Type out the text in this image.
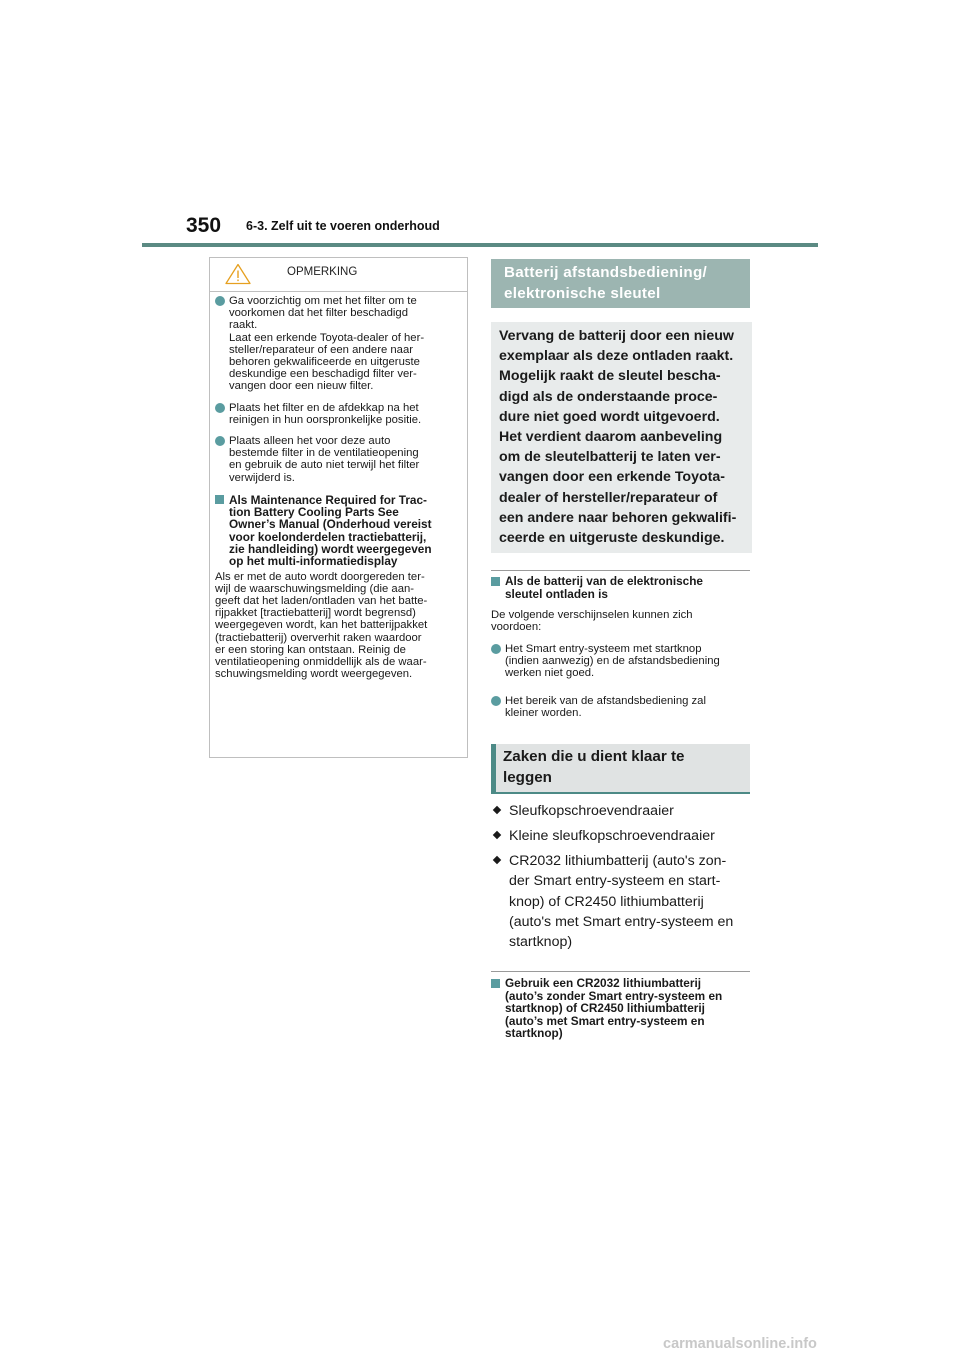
350 6-3. Zelf uit te voeren onderhoud
OPMERKING
Ga voorzichtig om met het filter om te
voorkomen dat het filter beschadigd
raakt.
Laat een erkende Toyota-dealer of her-
steller/reparateur of een andere naar
behoren gekwalificeerde en uitgeruste
deskundige een beschadigd filter ver-
vangen door een nieuw filter.
Plaats het filter en de afdekkap na het
reinigen in hun oorspronkelijke positie.
Plaats alleen het voor deze auto
bestemde filter in de ventilatieopening
en gebruik de auto niet terwijl het filter
verwijderd is.
Als Maintenance Required for Trac-
tion Battery Cooling Parts See
Owner’s Manual (Onderhoud vereist
voor koelonderdelen tractiebatterij,
zie handleiding) wordt weergegeven
op het multi-informatiedisplay
Als er met de auto wordt doorgereden ter-
wijl de waarschuwingsmelding (die aan-
geeft dat het laden/ontladen van het batte-
rijpakket [tractiebatterij] wordt begrensd)
weergegeven wordt, kan het batterijpakket
(tractiebatterij) oververhit raken waardoor
er een storing kan ontstaan. Reinig de
ventilatieopening onmiddellijk als de waar-
schuwingsmelding wordt weergegeven.
Batterij afstandsbediening/
elektronische sleutel
Vervang de batterij door een nieuw
exemplaar als deze ontladen raakt.
Mogelijk raakt de sleutel bescha-
digd als de onderstaande proce-
dure niet goed wordt uitgevoerd.
Het verdient daarom aanbeveling
om de sleutelbatterij te laten ver-
vangen door een erkende Toyota-
dealer of hersteller/reparateur of
een andere naar behoren gekwalifi-
ceerde en uitgeruste deskundige.
Als de batterij van de elektronische
sleutel ontladen is
De volgende verschijnselen kunnen zich
voordoen:
Het Smart entry-systeem met startknop
(indien aanwezig) en de afstandsbediening
werken niet goed.
Het bereik van de afstandsbediening zal
kleiner worden.
Zaken die u dient klaar te
leggen
Sleufkopschroevendraaier
Kleine sleufkopschroevendraaier
CR2032 lithiumbatterij (auto's zon-
der Smart entry-systeem en start-
knop) of CR2450 lithiumbatterij
(auto's met Smart entry-systeem en
startknop)
Gebruik een CR2032 lithiumbatterij
(auto’s zonder Smart entry-systeem en
startknop) of CR2450 lithiumbatterij
(auto’s met Smart entry-systeem en
startknop)
carmanualsonline.info
